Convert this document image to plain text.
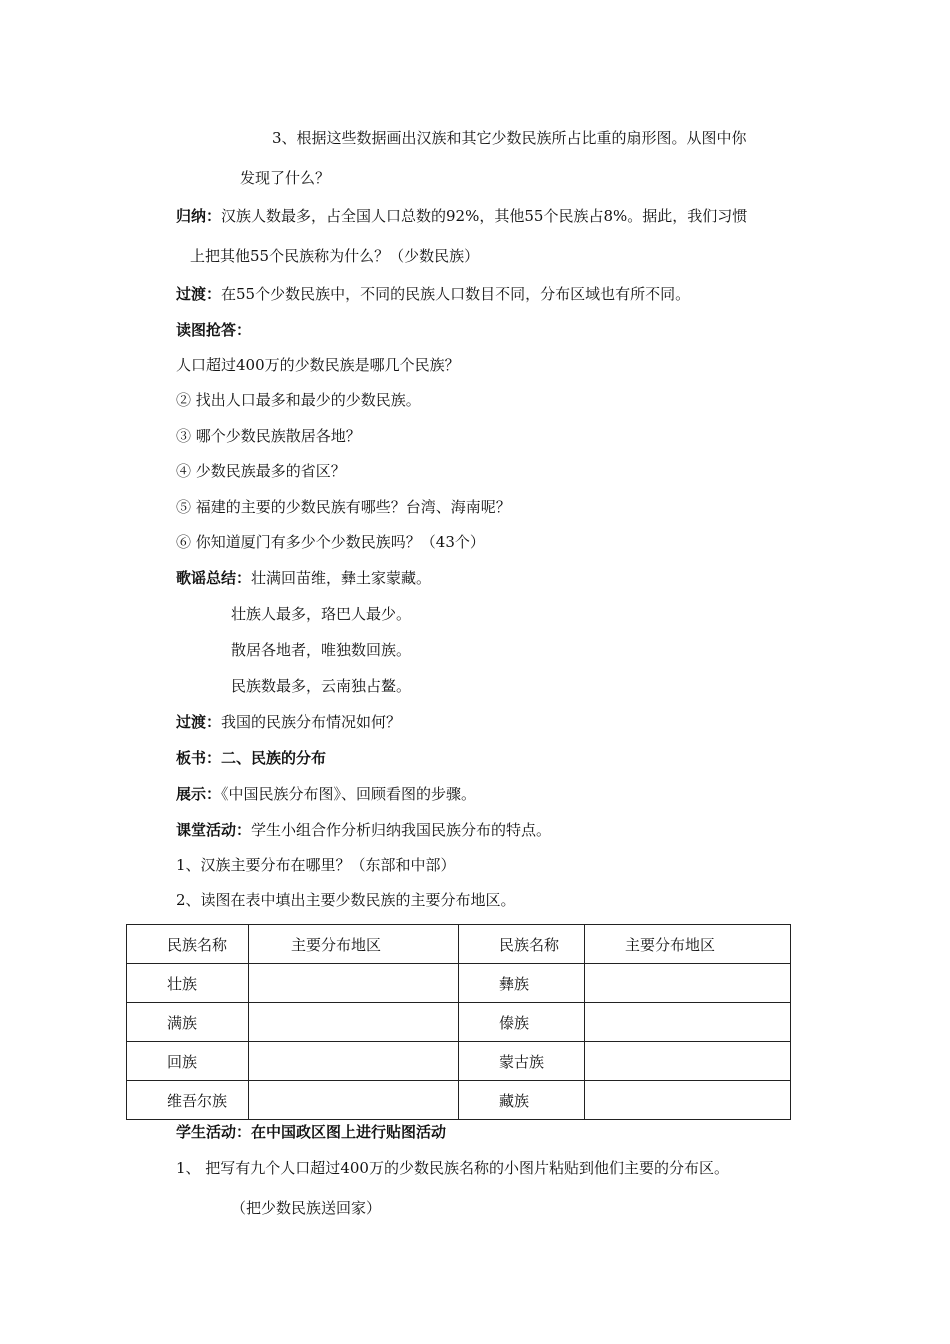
3、根据这些数据画出汉族和其它少数民族所占比重的扇形图。从图中你
发现了什么？
归纳：汉族人数最多，占全国人口总数的92%，其他55个民族占8%。据此，我们习惯
上把其他55个民族称为什么？（少数民族）
过渡：在55个少数民族中，不同的民族人口数目不同，分布区域也有所不同。
读图抢答：
人口超过400万的少数民族是哪几个民族？
② 找出人口最多和最少的少数民族。
③ 哪个少数民族散居各地？
④ 少数民族最多的省区？
⑤ 福建的主要的少数民族有哪些？台湾、海南呢？
⑥ 你知道厦门有多少个少数民族吗？（43个）
歌谣总结：壮满回苗维，彝土家蒙藏。
壮族人最多，珞巴人最少。
散居各地者，唯独数回族。
民族数最多，云南独占鳌。
过渡：我国的民族分布情况如何？
板书：二、民族的分布
展示：《中国民族分布图》、回顾看图的步骤。
课堂活动：学生小组合作分析归纳我国民族分布的特点。
1、汉族主要分布在哪里？（东部和中部）
2、读图在表中填出主要少数民族的主要分布地区。
民族名称	主要分布地区	民族名称	主要分布地区
壮族		彝族	
满族		傣族	
回族		蒙古族	
维吾尔族		藏族	
学生活动：在中国政区图上进行贴图活动
1、 把写有九个人口超过400万的少数民族名称的小图片粘贴到他们主要的分布区。
（把少数民族送回家）
